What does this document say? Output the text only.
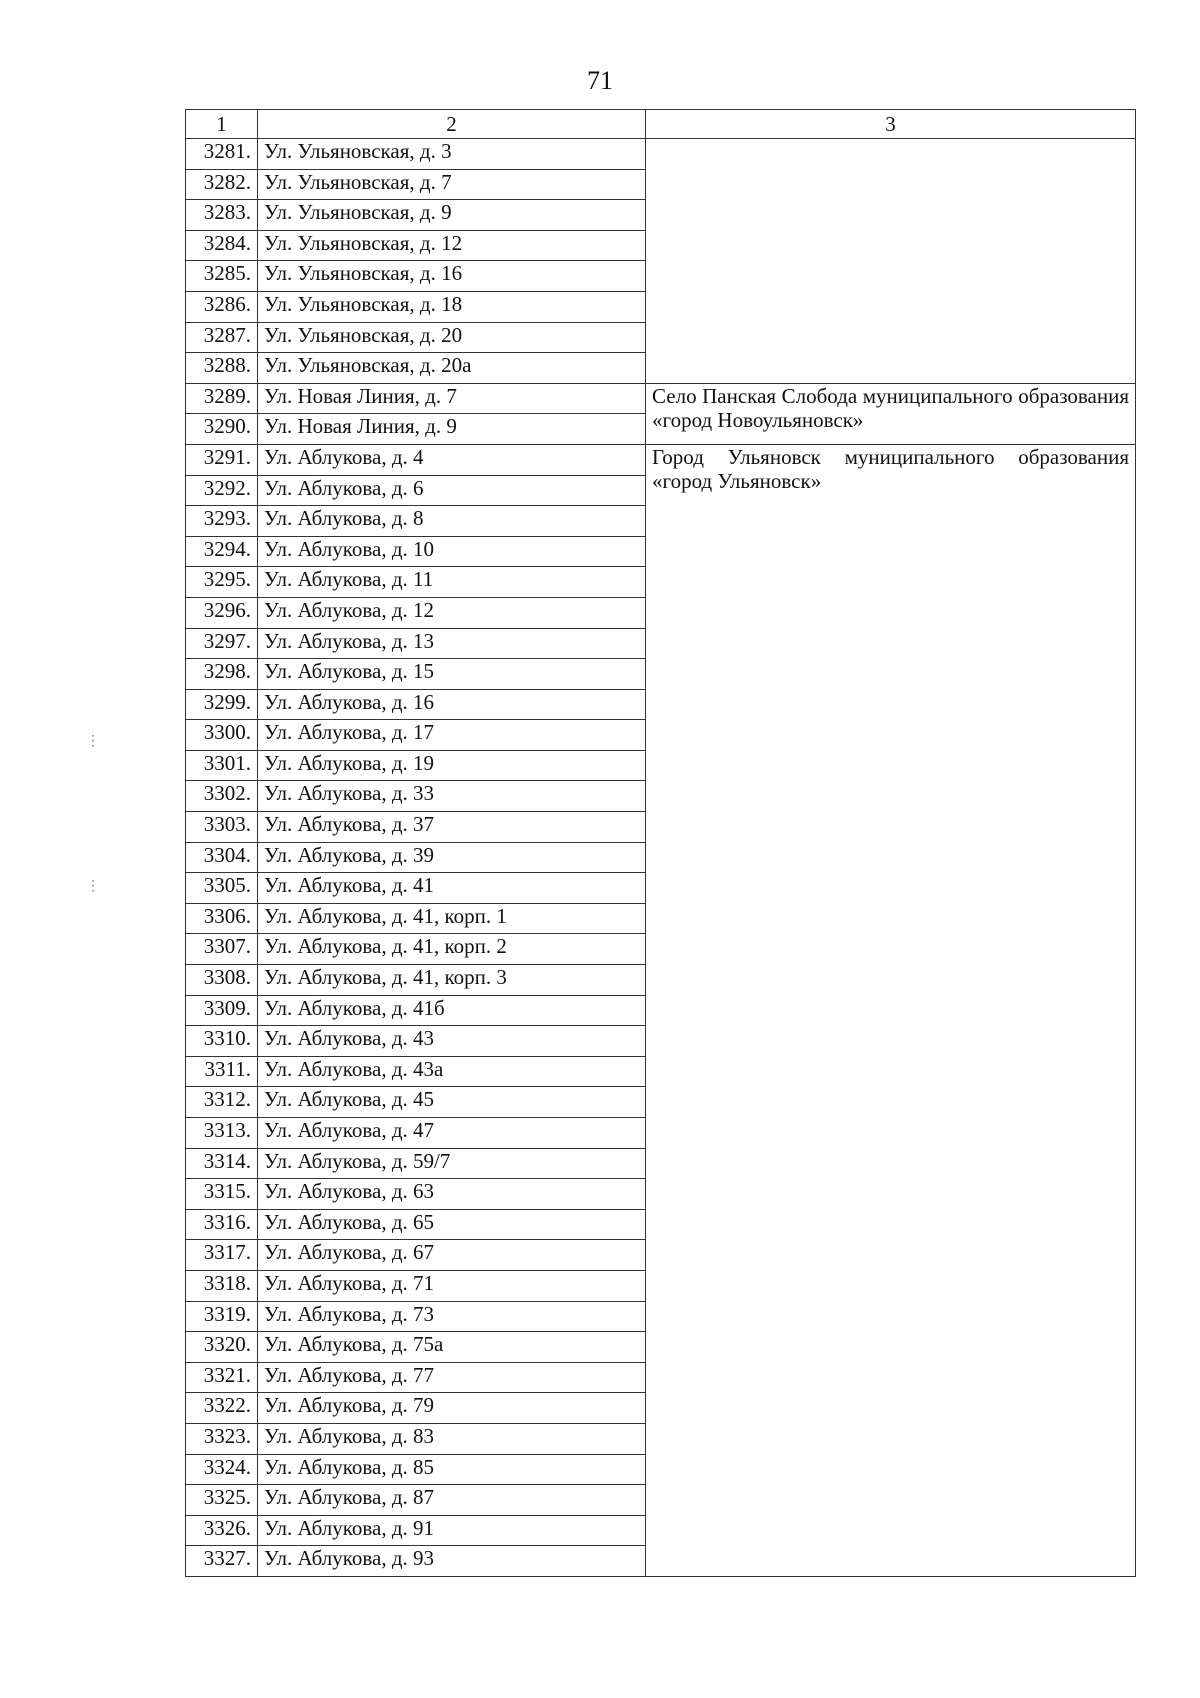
71
1	2	3
3281.	Ул. Ульяновская, д. 3	
3282.	Ул. Ульяновская, д. 7	
3283.	Ул. Ульяновская, д. 9	
3284.	Ул. Ульяновская, д. 12	
3285.	Ул. Ульяновская, д. 16	
3286.	Ул. Ульяновская, д. 18	
3287.	Ул. Ульяновская, д. 20	
3288.	Ул. Ульяновская, д. 20а	
3289.	Ул. Новая Линия, д. 7	Село Панская Слобода муниципального образования «город Новоульяновск»
3290.	Ул. Новая Линия, д. 9	
3291.	Ул. Аблукова, д. 4	Город Ульяновск муниципального образования «город Ульяновск»
3292.	Ул. Аблукова, д. 6	
3293.	Ул. Аблукова, д. 8	
3294.	Ул. Аблукова, д. 10	
3295.	Ул. Аблукова, д. 11	
3296.	Ул. Аблукова, д. 12	
3297.	Ул. Аблукова, д. 13	
3298.	Ул. Аблукова, д. 15	
3299.	Ул. Аблукова, д. 16	
3300.	Ул. Аблукова, д. 17	
3301.	Ул. Аблукова, д. 19	
3302.	Ул. Аблукова, д. 33	
3303.	Ул. Аблукова, д. 37	
3304.	Ул. Аблукова, д. 39	
3305.	Ул. Аблукова, д. 41	
3306.	Ул. Аблукова, д. 41, корп. 1	
3307.	Ул. Аблукова, д. 41, корп. 2	
3308.	Ул. Аблукова, д. 41, корп. 3	
3309.	Ул. Аблукова, д. 41б	
3310.	Ул. Аблукова, д. 43	
3311.	Ул. Аблукова, д. 43а	
3312.	Ул. Аблукова, д. 45	
3313.	Ул. Аблукова, д. 47	
3314.	Ул. Аблукова, д. 59/7	
3315.	Ул. Аблукова, д. 63	
3316.	Ул. Аблукова, д. 65	
3317.	Ул. Аблукова, д. 67	
3318.	Ул. Аблукова, д. 71	
3319.	Ул. Аблукова, д. 73	
3320.	Ул. Аблукова, д. 75а	
3321.	Ул. Аблукова, д. 77	
3322.	Ул. Аблукова, д. 79	
3323.	Ул. Аблукова, д. 83	
3324.	Ул. Аблукова, д. 85	
3325.	Ул. Аблукова, д. 87	
3326.	Ул. Аблукова, д. 91	
3327.	Ул. Аблукова, д. 93	
⋮
⋮
